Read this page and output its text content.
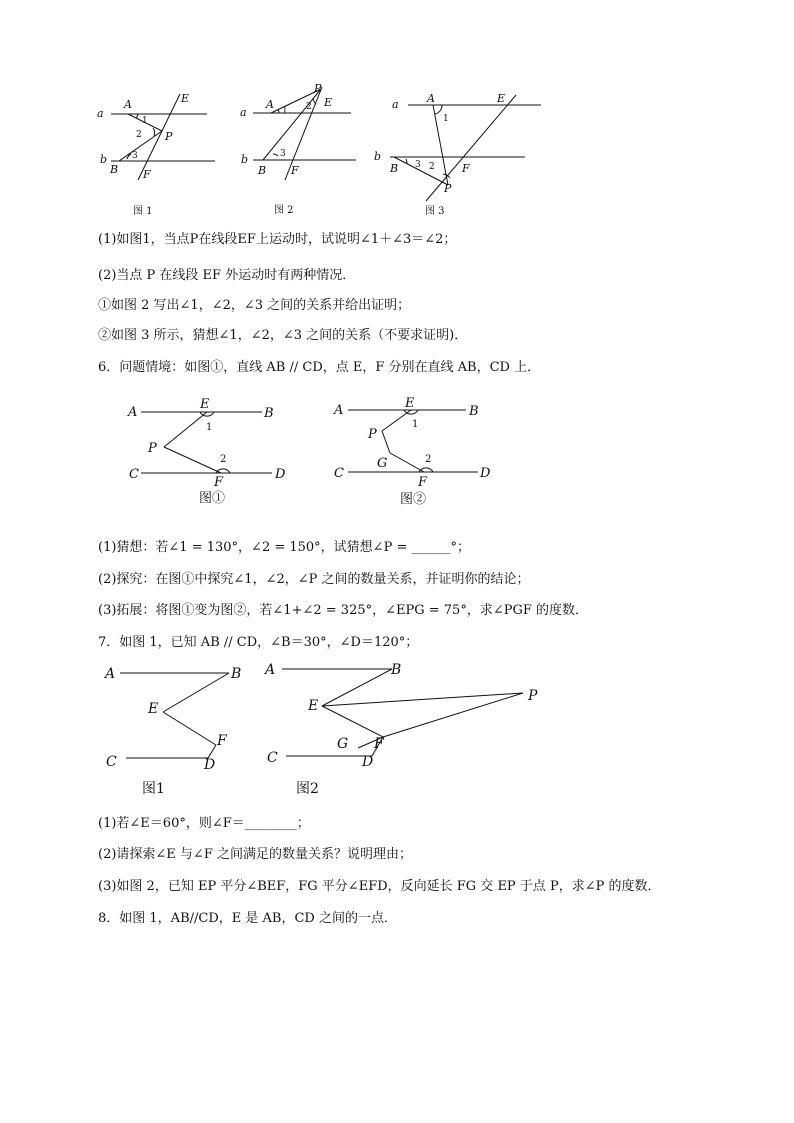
a
A	E
1
2 P
3
b
B F
图 1
P
a
A 1 2 E
3
b
B F
图 2
a	A	E
1
b
3 2
B	F
P
图 3
(1)如图1，当点P在线段EF上运动时，试说明∠1＋∠3＝∠2；
(2)当点 P 在线段 EF 外运动时有两种情况．
①如图 2 写出∠1，∠2，∠3 之间的关系并给出证明；
②如图 3 所示，猜想∠1，∠2，∠3 之间的关系（不要求证明)．
6．问题情境：如图①，直线 AB // CD，点 E，F 分别在直线 AB，CD 上．
A
E
B
1
P
2
C	D
F
图①
A	E
B
1
P
G	2
C	D
F
图②
(1)猜想：若∠1 = 130°，∠2 = 150°，试猜想∠P = ______°；
(2)探究：在图①中探究∠1，∠2，∠P 之间的数量关系，并证明你的结论；
(3)拓展：将图①变为图②，若∠1+∠2 = 325°，∠EPG = 75°，求∠PGF 的度数．
7．如图 1，已知 AB // CD，∠B＝30°，∠D＝120°；
A	B
E
F
C	D
图1
A	B
P
E
G F
C	D
图2
(1)若∠E＝60°，则∠F＝________；
(2)请探索∠E 与∠F 之间满足的数量关系？说明理由；
(3)如图 2，已知 EP 平分∠BEF，FG 平分∠EFD，反向延长 FG 交 EP 于点 P，求∠P 的度数．
8．如图 1，AB//CD，E 是 AB，CD 之间的一点．
